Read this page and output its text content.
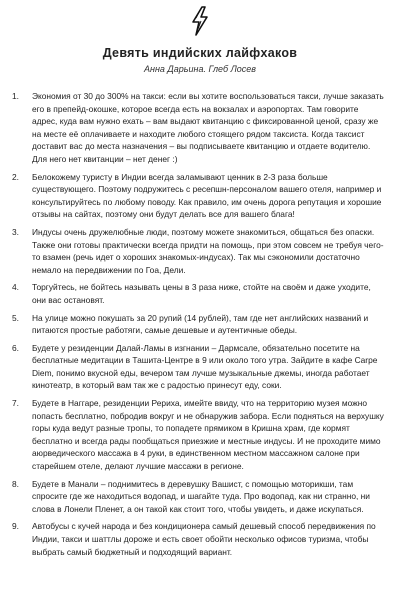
Девять индийских лайфхаков
Анна Дарьина. Глеб Лосев
1.	Экономия от 30 до 300% на такси: если вы хотите воспользоваться такси, лучше заказать его в препейд-окошке, которое всегда есть на вокзалах и аэропортах. Там говорите адрес, куда вам нужно ехать – вам выдают квитанцию с фиксированной ценой, сразу же на месте её оплачиваете и находите любого стоящего рядом таксиста. Когда таксист доставит вас до места назначения – вы подписываете квитанцию и отдаете водителю. Для него нет квитанции – нет денег :)
2.	Белокожему туристу в Индии всегда заламывают ценник в 2-3 раза больше существующего. Поэтому подружитесь с ресепшн-персоналом вашего отеля, например и консультируйтесь по любому поводу. Как правило, им очень дорога репутация и хорошие отзывы на сайтах, поэтому они будут делать все для вашего блага!
3.	Индусы очень дружелюбные люди, поэтому можете знакомиться, общаться без опаски. Также они готовы практически всегда придти на помощь, при этом совсем не требуя чего-то взамен (речь идет о хороших знакомых-индусах). Так мы сэкономили достаточно немало на передвижении по Гоа, Дели.
4.	Торгуйтесь, не бойтесь называть цены в 3 раза ниже, стойте на своём и даже уходите, они вас остановят.
5.	На улице можно покушать за 20 рупий (14 рублей), там где нет английских названий и питаются простые работяги, самые дешевые и аутентичные обеды.
6.	Будете у резиденции Далай-Ламы в изгнании – Дармсале, обязательно посетите на бесплатные медитации в Ташита-Центре в 9 или около того утра. Зайдите в кафе Carpe Diem, понимо вкусной еды, вечером там лучше музыкальные джемы, иногда работает кинотеатр, в который вам так же с радостью принесут еду, соки.
7.	Будете в Наггаре, резиденции Рериха, имейте ввиду, что на территорию музея можно попасть бесплатно, побродив вокруг и не обнаружив забора. Если подняться на верхушку горы куда ведут разные тропы, то попадете прямиком в Кришна храм, где кормят бесплатно и всегда рады пообщаться приезжие и местные индусы. И не проходите мимо аюрведического массажа в 4 руки, в единственном местном массажном салоне при старейшем отеле, делают лучшие массажи в регионе.
8.	Будете в Манали – поднимитесь в деревушку Вашист, с помощью моторикши, там спросите где же находиться водопад, и шагайте туда. Про водопад, как ни странно, ни слова в Лонели Пленет, а он такой как стоит того, чтобы увидеть, и даже искупаться.
9.	Автобусы с кучей народа и без кондиционера самый дешевый способ передвижения по Индии, такси и шаттлы дороже и есть своет обойти несколько офисов туризма, чтобы выбрать самый бюджетный и подходящий вариант.
